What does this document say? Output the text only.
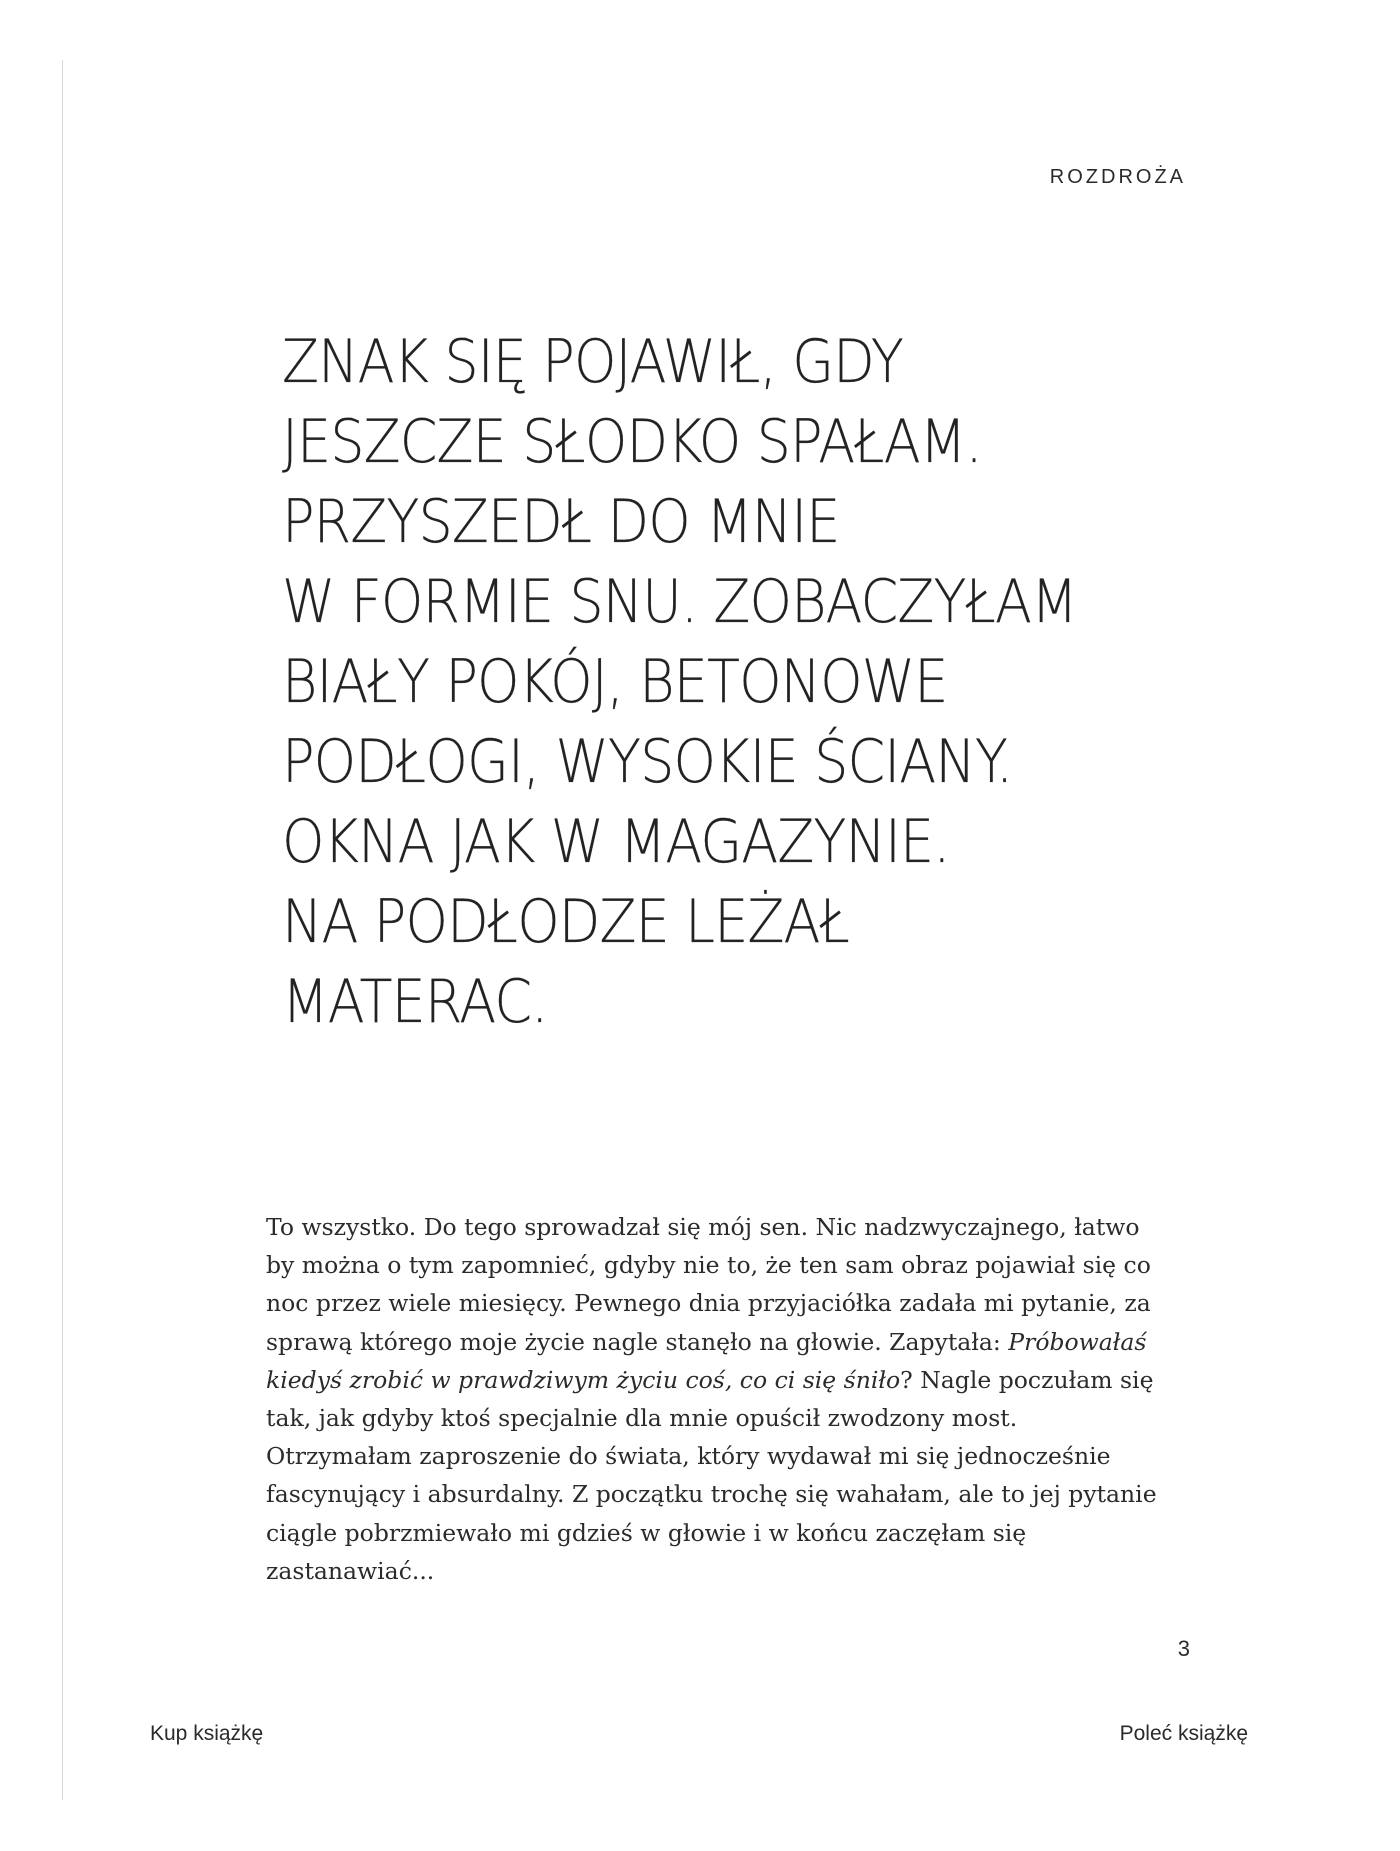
ROZDROŻA
ZNAK SIĘ POJAWIŁ, GDY
JESZCZE SŁODKO SPAŁAM.
PRZYSZEDŁ DO MNIE
W FORMIE SNU. ZOBACZYŁAM
BIAŁY POKÓJ, BETONOWE
PODŁOGI, WYSOKIE ŚCIANY.
OKNA JAK W MAGAZYNIE.
NA PODŁODZE LEŻAŁ
MATERAC.

To wszystko. Do tego sprowadzał się mój sen. Nic nadzwyczajnego, łatwo by można o tym zapomnieć, gdyby nie to, że ten sam obraz pojawiał się co noc przez wiele miesięcy. Pewnego dnia przyjaciółka zadała mi pytanie, za sprawą którego moje życie nagle stanęło na głowie. Zapytała: Próbowałaś kiedyś zrobić w prawdziwym życiu coś, co ci się śniło? Nagle poczułam się tak, jak gdyby ktoś specjalnie dla mnie opuścił zwodzony most. Otrzymałam zaproszenie do świata, który wydawał mi się jednocześnie fascynujący i absurdalny. Z początku trochę się wahałam, ale to jej pytanie ciągle pobrzmiewało mi gdzieś w głowie i w końcu zaczęłam się zastanawiać...

3
Kup książkę	Poleć książkę
